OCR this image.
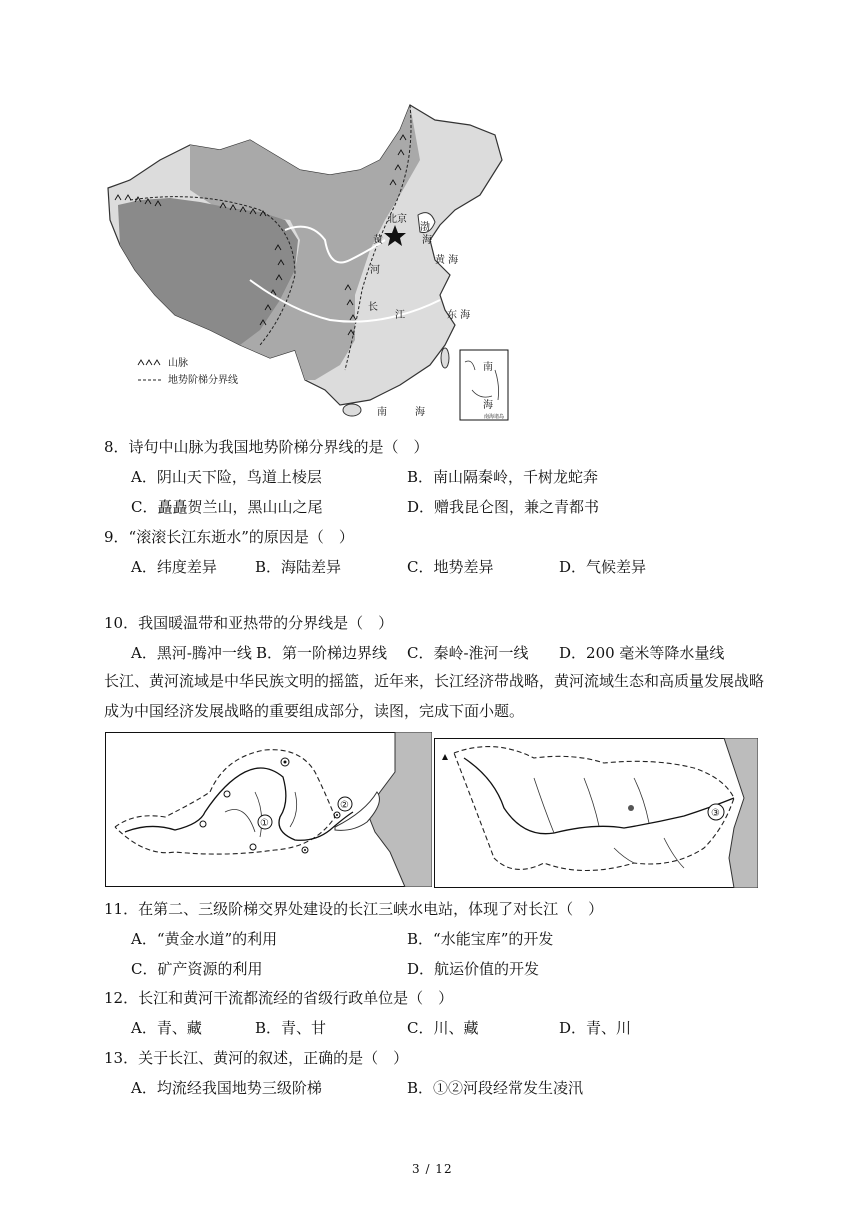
北京
渤
海
黄 海
东 海
黄
河
长
江
南	海
南
海
南海诸岛
山脉
地势阶梯分界线
8．诗句中山脉为我国地势阶梯分界线的是（　）
A．阴山天下险，鸟道上棱层	B．南山隔秦岭，千树龙蛇奔
C．矗矗贺兰山，黑山山之尾	D．赠我昆仑图，兼之青都书
9．“滚滚长江东逝水”的原因是（　）
A．纬度差异	B．海陆差异	C．地势差异	D．气候差异
10．我国暖温带和亚热带的分界线是（　）
A．黑河-腾冲一线 B．第一阶梯边界线 C．秦岭-淮河一线 D．200 毫米等降水量线
长江、黄河流域是中华民族文明的摇篮，近年来，长江经济带战略，黄河流域生态和高质量发展战略成为中国经济发展战略的重要组成部分，读图，完成下面小题。
①
②
③
11．在第二、三级阶梯交界处建设的长江三峡水电站，体现了对长江（　）
A．“黄金水道”的利用	B．“水能宝库”的开发
C．矿产资源的利用	D．航运价值的开发
12．长江和黄河干流都流经的省级行政单位是（　）
A．青、藏	B．青、甘	C．川、藏	D．青、川
13．关于长江、黄河的叙述，正确的是（　）
A．均流经我国地势三级阶梯	B．①②河段经常发生凌汛
3 / 12
